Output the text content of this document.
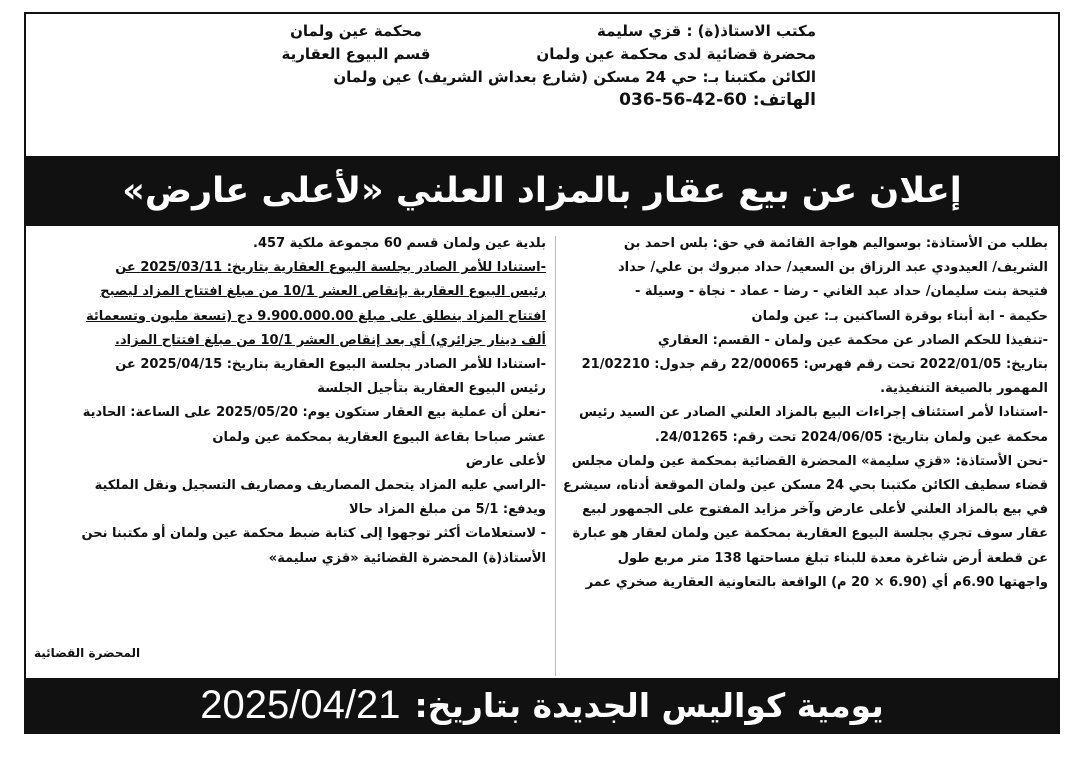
مكتب الاستاذ(ة) : قزي سليمة
محضرة قضائية لدى محكمة عين ولمان
الكائن مكتبنا بـ: حي 24 مسكن (شارع بعداش الشريف) عين ولمان
الهاتف: 60-42-56-036
محكمة عين ولمان
قسم البيوع العقارية
إعلان عن بيع عقار بالمزاد العلني «لأعلى عارض»
بطلب من الأستاذة: بوسواليم هواجة القائمة في حق: بلس احمد بن
الشريف/ العيدودي عبد الرزاق بن السعيد/ حداد مبروك بن علي/ حداد
فتيحة بنت سليمان/ حداد عبد الغاني - رضا - عماد - نجاة - وسيلة -
حكيمة - ابة أبناء بوقرة الساكنين بـ: عين ولمان
-تنفيذا للحكم الصادر عن محكمة عين ولمان - القسم: العقاري
بتاريخ: 2022/01/05 تحت رقم فهرس: 22/00065 رقم جدول: 21/02210
المهمور بالصيغة التنفيذية.
-استنادا لأمر استئناف إجراءات البيع بالمزاد العلني الصادر عن السيد رئيس
محكمة عين ولمان بتاريخ: 2024/06/05 تحت رقم: 24/01265.
-نحن الأستاذة: «قزي سليمة» المحضرة القضائية بمحكمة عين ولمان مجلس
قضاء سطيف الكائن مكتبنا بحي 24 مسكن عين ولمان الموقعة أدناه، سيشرع
في بيع بالمزاد العلني لأعلى عارض وآخر مزايد المفتوح على الجمهور لبيع
عقار سوف تجري بجلسة البيوع العقارية بمحكمة عين ولمان لعقار هو عبارة
عن قطعة أرض شاغرة معدة للبناء تبلغ مساحتها 138 متر مربع طول
واجهتها 6.90م أي (6.90 × 20 م) الواقعة بالتعاونية العقارية صخري عمر
بلدية عين ولمان قسم 60 مجموعة ملكية 457.
-استنادا للأمر الصادر بجلسة البيوع العقارية بتاريخ: 2025/03/11 عن
رئيس البيوع العقارية بإنقاص العشر 10/1 من مبلغ افتتاح المزاد ليصبح
افتتاح المزاد ينطلق على مبلغ 9.900.000.00 دج (تسعة مليون وتسعمائة
ألف دينار جزائري) أي بعد إنقاص العشر 10/1 من مبلغ افتتاح المزاد.
-استنادا للأمر الصادر بجلسة البيوع العقارية بتاريخ: 2025/04/15 عن
رئيس البيوع العقارية بتأجيل الجلسة
-نعلن أن عملية بيع العقار ستكون يوم: 2025/05/20 على الساعة: الحادية
عشر صباحا بقاعة البيوع العقارية بمحكمة عين ولمان
لأعلى عارض
-الراسي عليه المزاد يتحمل المصاريف ومصاريف التسجيل ونقل الملكية
ويدفع: 5/1 من مبلغ المزاد حالا
- لاستعلامات أكثر توجهوا إلى كتابة ضبط محكمة عين ولمان أو مكتبنا نحن
الأستاذ(ة) المحضرة القضائية «قزي سليمة»
المحضرة القضائية
يومية كواليس الجديدة بتاريخ:
2025/04/21
